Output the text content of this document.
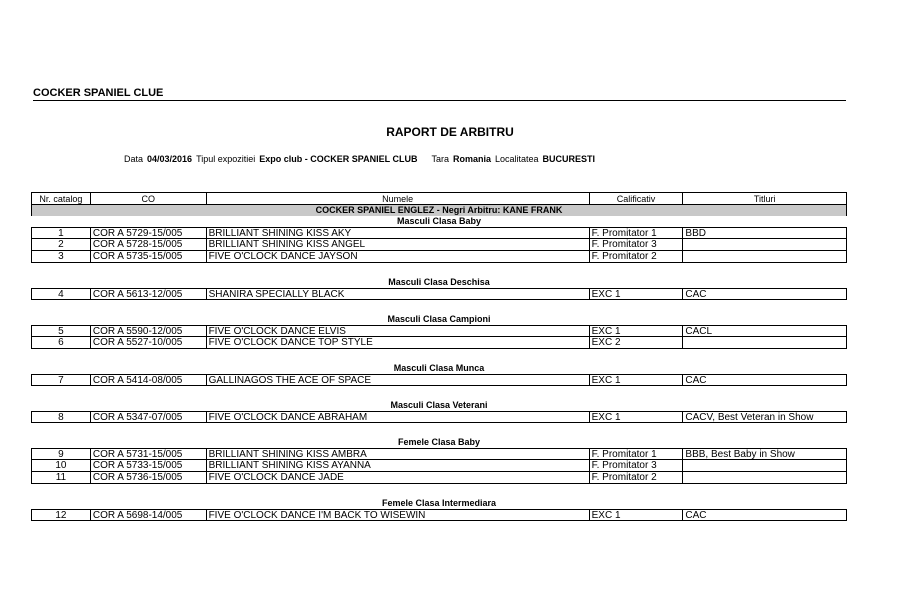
COCKER SPANIEL CLUE
RAPORT DE ARBITRU
Data 04/03/2016 Tipul expozitiei Expo club - COCKER SPANIEL CLUB Tara Romania Localitatea BUCURESTI
Nr. catalog	CO	Numele	Calificativ	Titluri
COCKER SPANIEL ENGLEZ - Negri Arbitru: KANE FRANK
Masculi Clasa Baby
1	COR A 5729-15/005	BRILLIANT SHINING KISS AKY	F. Promitator 1	BBD
2	COR A 5728-15/005	BRILLIANT SHINING KISS ANGEL	F. Promitator 3
3	COR A 5735-15/005	FIVE O'CLOCK DANCE JAYSON	F. Promitator 2
Masculi Clasa Deschisa
4	COR A 5613-12/005	SHANIRA SPECIALLY BLACK	EXC 1	CAC
Masculi Clasa Campioni
5	COR A 5590-12/005	FIVE O'CLOCK DANCE ELVIS	EXC 1	CACL
6	COR A 5527-10/005	FIVE O'CLOCK DANCE TOP STYLE	EXC 2
Masculi Clasa Munca
7	COR A 5414-08/005	GALLINAGOS THE ACE OF SPACE	EXC 1	CAC
Masculi Clasa Veterani
8	COR A 5347-07/005	FIVE O'CLOCK DANCE ABRAHAM	EXC 1	CACV, Best Veteran in Show
Femele Clasa Baby
9	COR A 5731-15/005	BRILLIANT SHINING KISS AMBRA	F. Promitator 1	BBB, Best Baby in Show
10	COR A 5733-15/005	BRILLIANT SHINING KISS AYANNA	F. Promitator 3
11	COR A 5736-15/005	FIVE O'CLOCK DANCE JADE	F. Promitator 2
Femele Clasa Intermediara
12	COR A 5698-14/005	FIVE O'CLOCK DANCE I'M BACK TO WISEWIN	EXC 1	CAC
